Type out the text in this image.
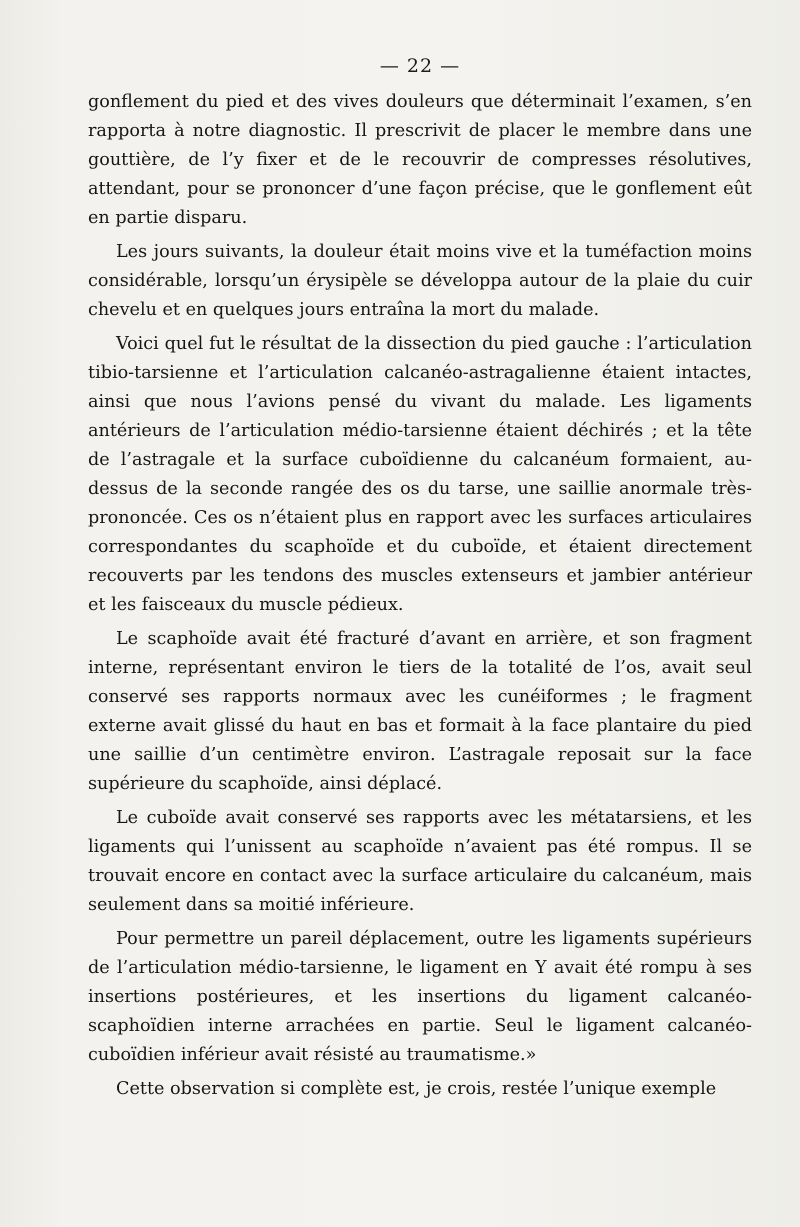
— 22 —

gonflement du pied et des vives douleurs que déterminait l’examen, s’en rapporta à notre diagnostic. Il prescrivit de placer le membre dans une gouttière, de l’y fixer et de le recouvrir de compresses résolutives, attendant, pour se prononcer d’une façon précise, que le gonflement eût en partie disparu.

Les jours suivants, la douleur était moins vive et la tuméfaction moins considérable, lorsqu’un érysipèle se développa autour de la plaie du cuir chevelu et en quelques jours entraîna la mort du malade.

Voici quel fut le résultat de la dissection du pied gauche : l’articulation tibio-tarsienne et l’articulation calcanéo-astragalienne étaient intactes, ainsi que nous l’avions pensé du vivant du malade. Les ligaments antérieurs de l’articulation médio-tarsienne étaient déchirés ; et la tête de l’astragale et la surface cuboïdienne du calcanéum formaient, au-dessus de la seconde rangée des os du tarse, une saillie anormale très-prononcée. Ces os n’étaient plus en rapport avec les surfaces articulaires correspondantes du scaphoïde et du cuboïde, et étaient directement recouverts par les tendons des muscles extenseurs et jambier antérieur et les faisceaux du muscle pédieux.

Le scaphoïde avait été fracturé d’avant en arrière, et son fragment interne, représentant environ le tiers de la totalité de l’os, avait seul conservé ses rapports normaux avec les cunéiformes ; le fragment externe avait glissé du haut en bas et formait à la face plantaire du pied une saillie d’un centimètre environ. L’astragale reposait sur la face supérieure du scaphoïde, ainsi déplacé.

Le cuboïde avait conservé ses rapports avec les métatarsiens, et les ligaments qui l’unissent au scaphoïde n’avaient pas été rompus. Il se trouvait encore en contact avec la surface articulaire du calcanéum, mais seulement dans sa moitié inférieure.

Pour permettre un pareil déplacement, outre les ligaments supérieurs de l’articulation médio-tarsienne, le ligament en Y avait été rompu à ses insertions postérieures, et les insertions du ligament calcanéo-scaphoïdien interne arrachées en partie. Seul le ligament calcanéo-cuboïdien inférieur avait résisté au traumatisme.»

Cette observation si complète est, je crois, restée l’unique exemple
